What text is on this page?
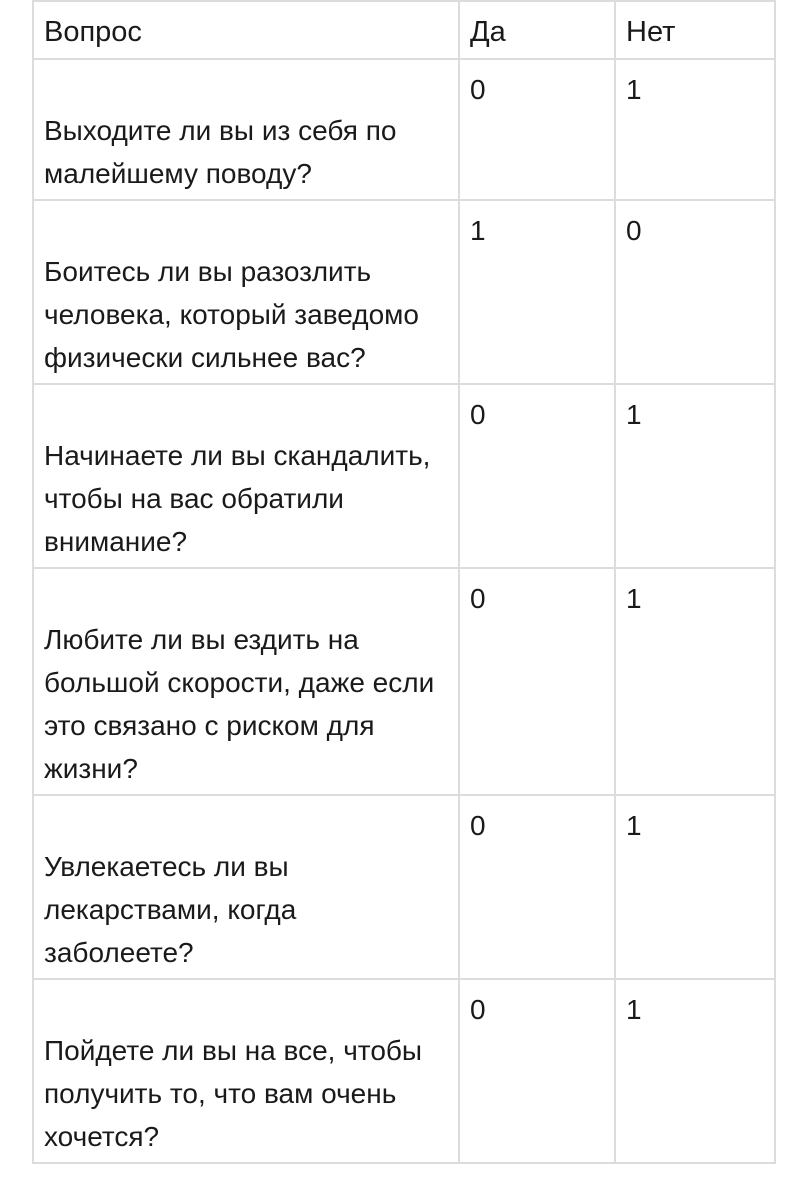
Вопрос	Да	Нет

Выходите ли вы из себя по малейшему поводу?	0	1

Боитесь ли вы разозлить человека, который заведомо физически сильнее вас?	1	0

Начинаете ли вы скандалить, чтобы на вас обратили внимание?	0	1

Любите ли вы ездить на большой скорости, даже если это связано с риском для жизни?	0	1

Увлекаетесь ли вы лекарствами, когда заболеете?	0	1

Пойдете ли вы на все, чтобы получить то, что вам очень хочется?	0	1
